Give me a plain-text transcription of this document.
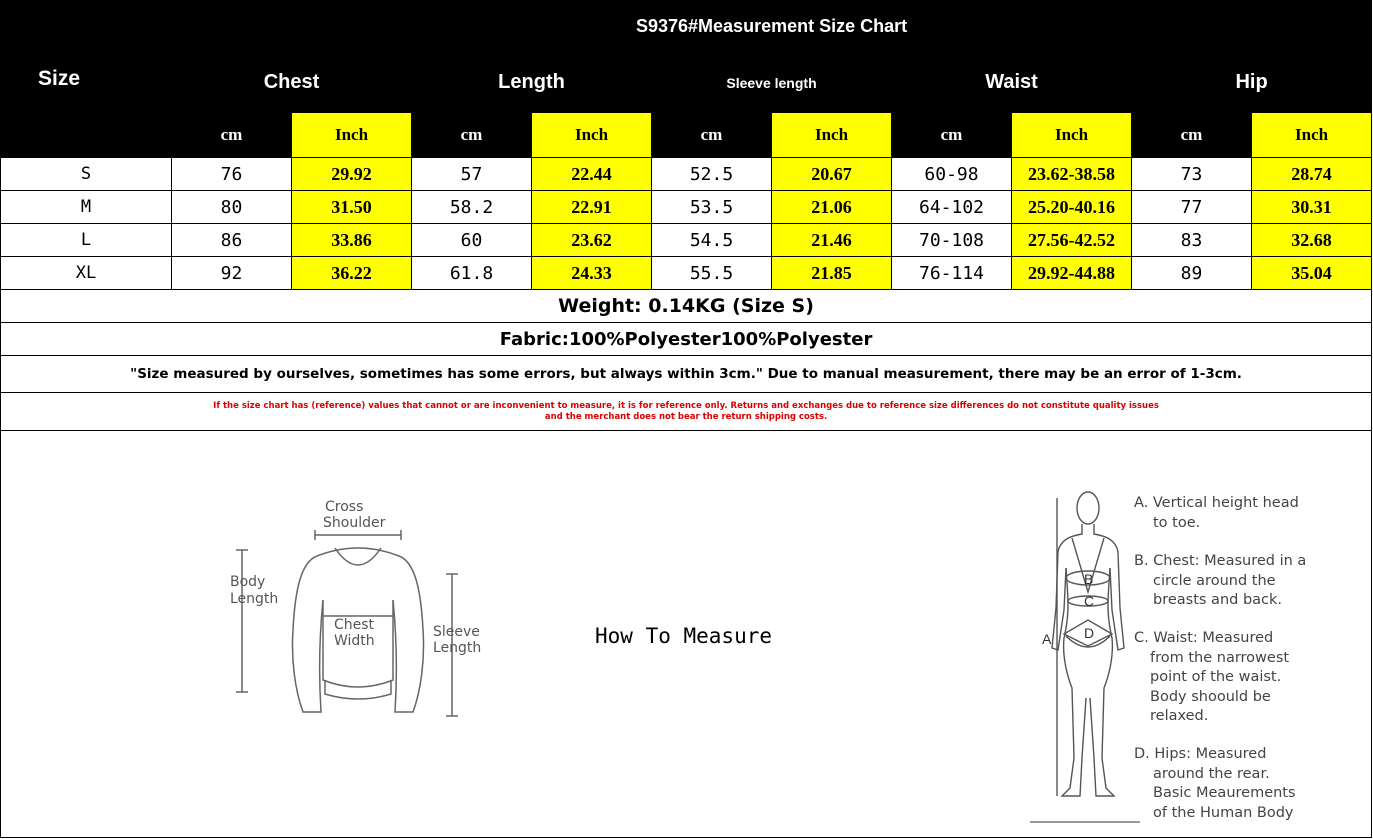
Size	S9376#Measurement Size Chart									
	Chest		Length		Sleeve length		Waist		Hip	
	cm	Inch	cm	Inch	cm	Inch	cm	Inch	cm	Inch
S	76	29.92	57	22.44	52.5	20.67	60-98	23.62-38.58	73	28.74
M	80	31.50	58.2	22.91	53.5	21.06	64-102	25.20-40.16	77	30.31
L	86	33.86	60	23.62	54.5	21.46	70-108	27.56-42.52	83	32.68
XL	92	36.22	61.8	24.33	55.5	21.85	76-114	29.92-44.88	89	35.04
Weight: 0.14KG (Size S)										
Fabric:100%Polyester100%Polyester										
"Size measured by ourselves, sometimes has some errors, but always within 3cm." Due to manual measurement, there may be an error of 1-3cm.										

If the size chart has (reference) values that cannot or are inconvenient to measure, it is for reference only. Returns and exchanges due to reference size differences do not constitute quality issues
and the merchant does not bear the return shipping costs.										
Cross
Shoulder
Body
Length
Chest
Width
Sleeve
Length	How To Measure
B
C
D
A
A. Vertical height head
to toe.
B. Chest: Measured in a
circle around the
breasts and back.
C. Waist: Measured
from the narrowest
point of the waist.
Body shoould be
relaxed.
D. Hips: Measured
around the rear.
Basic Meaurements
of the Human Body
